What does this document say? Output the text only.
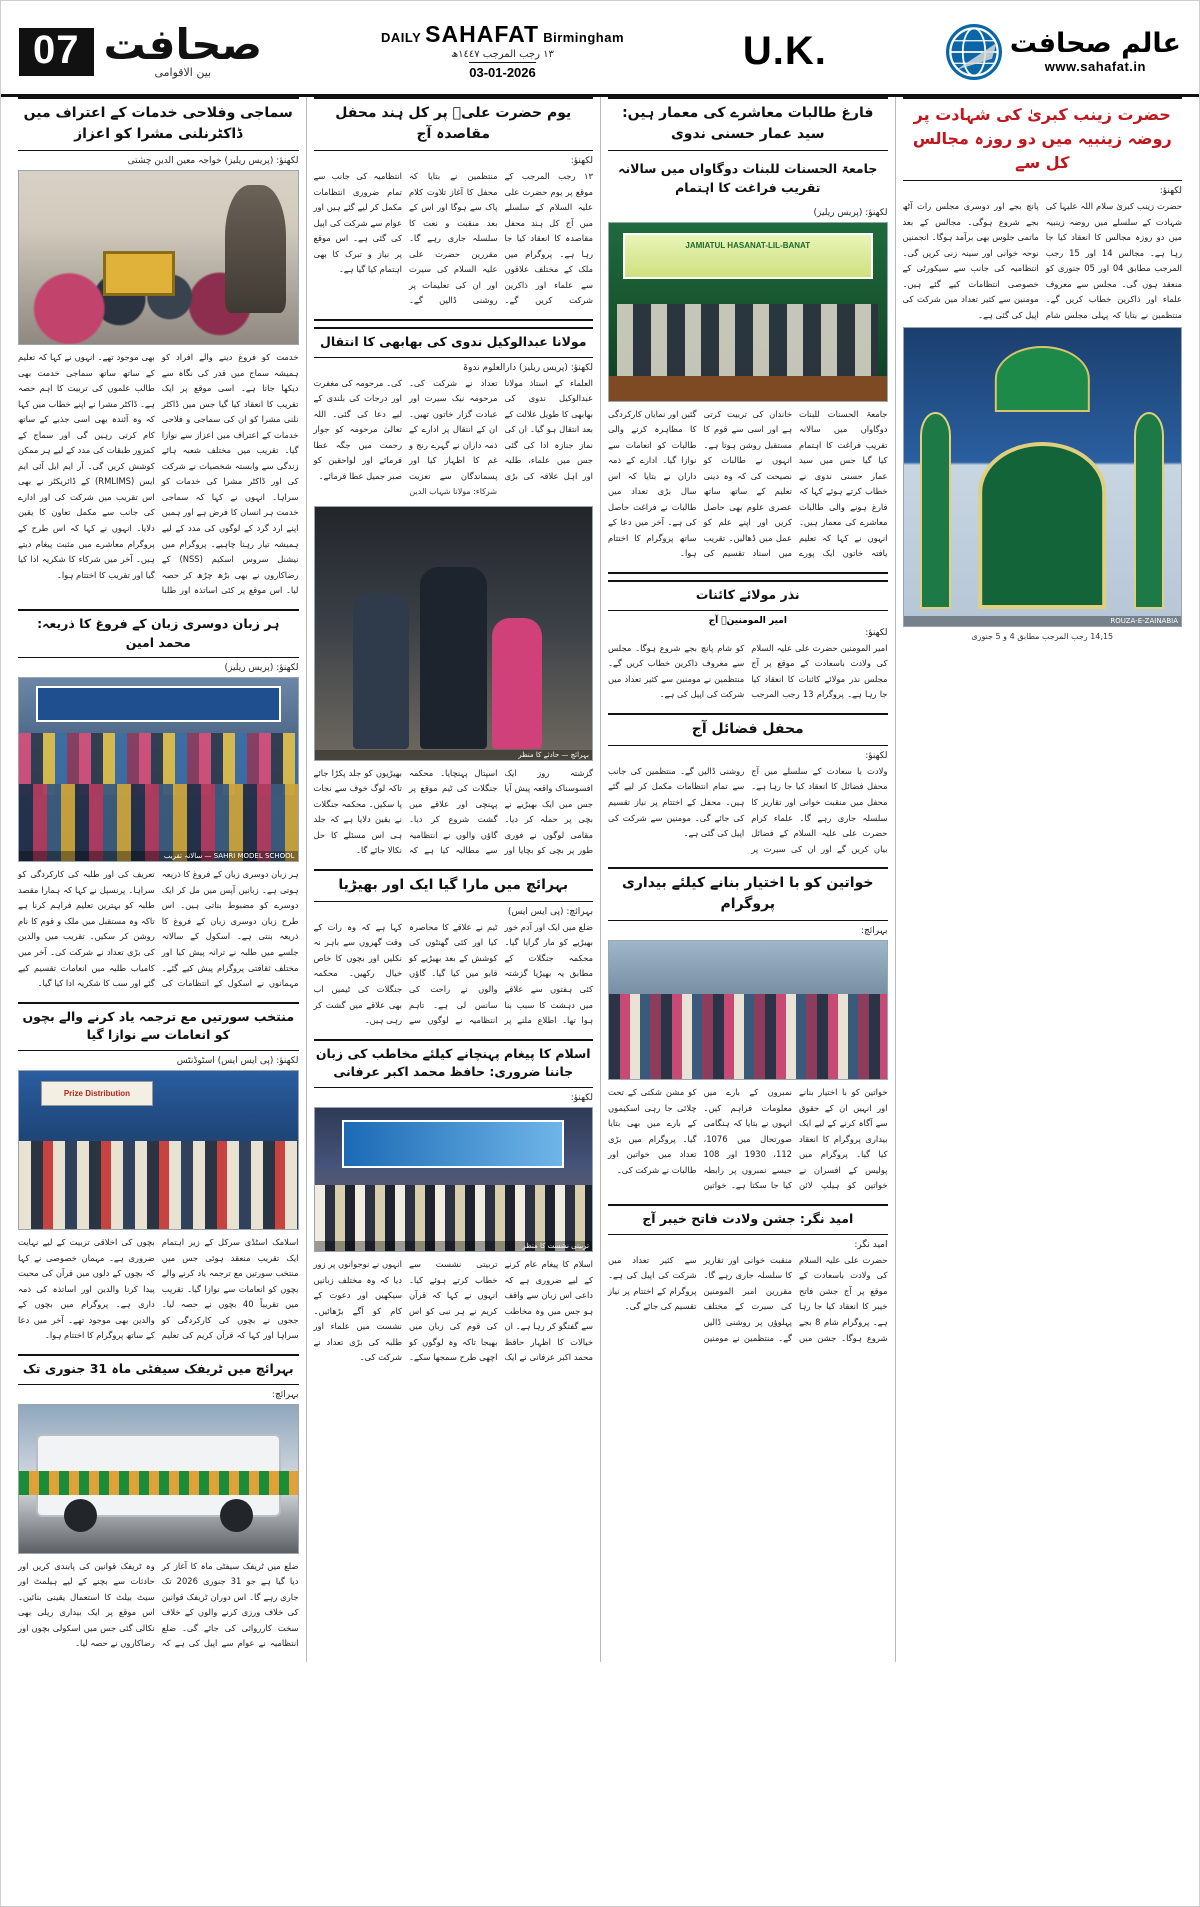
07 صحافت
بین الاقوامی
DAILY SAHAFAT Birmingham
١٣ رجب المرجب ١٤٤٧ھ
03-01-2026	U.K.	عالم صحافت
www.sahafat.in
سماجی وفلاحی خدمات کے اعتراف میں ڈاکٹرنلنی مشرا کو اعزاز
لکھنؤ: (پریس ریلیز) خواجہ معین الدین چشتی
خدمت کو فروغ دینے والے افراد کو ہمیشہ سماج میں قدر کی نگاہ سے دیکھا جاتا ہے۔ اسی موقع پر ایک تقریب کا انعقاد کیا گیا جس میں ڈاکٹر نلنی مشرا کو ان کی سماجی و فلاحی خدمات کے اعتراف میں اعزاز سے نوازا گیا۔ تقریب میں مختلف شعبہ ہائے زندگی سے وابستہ شخصیات نے شرکت کی اور ڈاکٹر مشرا کی خدمات کو سراہا۔ انہوں نے کہا کہ سماجی خدمت ہر انسان کا فرض ہے اور ہمیں اپنے ارد گرد کے لوگوں کی مدد کے لیے ہمیشہ تیار رہنا چاہیے۔ پروگرام میں نیشنل سروس اسکیم (NSS) کے رضاکاروں نے بھی بڑھ چڑھ کر حصہ لیا۔ اس موقع پر کئی اساتذہ اور طلبا بھی موجود تھے۔ انہوں نے کہا کہ تعلیم کے ساتھ ساتھ سماجی خدمت بھی طالب علموں کی تربیت کا اہم حصہ ہے۔ ڈاکٹر مشرا نے اپنے خطاب میں کہا کہ وہ آئندہ بھی اسی جذبے کے ساتھ کام کرتی رہیں گی اور سماج کے کمزور طبقات کی مدد کے لیے ہر ممکن کوشش کریں گی۔ آر ایم ایل آئی ایم ایس (RMLIMS) کے ڈائریکٹر نے بھی اس تقریب میں شرکت کی اور ادارے کی جانب سے مکمل تعاون کا یقین دلایا۔ انہوں نے کہا کہ اس طرح کے پروگرام معاشرے میں مثبت پیغام دیتے ہیں۔ آخر میں شرکاء کا شکریہ ادا کیا گیا اور تقریب کا اختتام ہوا۔
ہر زبان دوسری زبان کے فروغ کا ذریعہ: محمد امین
لکھنؤ: (پریس ریلیز)
SAHRI MODEL SCHOOL — سالانہ تقریب
ہر زبان دوسری زبان کے فروغ کا ذریعہ ہوتی ہے۔ زبانیں آپس میں مل کر ایک دوسرے کو مضبوط بناتی ہیں۔ اس طرح زبان دوسری زبان کے فروغ کا ذریعہ بنتی ہے۔ اسکول کے سالانہ جلسے میں طلبہ نے ترانہ پیش کیا اور مختلف ثقافتی پروگرام پیش کیے گئے۔ مہمانوں نے اسکول کے انتظامات کی تعریف کی اور طلبہ کی کارکردگی کو سراہا۔ پرنسپل نے کہا کہ ہمارا مقصد طلبہ کو بہترین تعلیم فراہم کرنا ہے تاکہ وہ مستقبل میں ملک و قوم کا نام روشن کر سکیں۔ تقریب میں والدین کی بڑی تعداد نے شرکت کی۔ آخر میں کامیاب طلبہ میں انعامات تقسیم کیے گئے اور سب کا شکریہ ادا کیا گیا۔
منتخب سورتیں مع ترجمہ یاد کرنے والے بچوں کو انعامات سے نوازا گیا
لکھنؤ: (پی ایس ایس) اسٹوڈنٹس
Prize Distribution
اسلامک اسٹڈی سرکل کے زیر اہتمام ایک تقریب منعقد ہوئی جس میں منتخب سورتیں مع ترجمہ یاد کرنے والے بچوں کو انعامات سے نوازا گیا۔ تقریب میں تقریباً 40 بچوں نے حصہ لیا۔ ججوں نے بچوں کی کارکردگی کو سراہا اور کہا کہ قرآن کریم کی تعلیم بچوں کی اخلاقی تربیت کے لیے نہایت ضروری ہے۔ مہمان خصوصی نے کہا کہ بچوں کے دلوں میں قرآن کی محبت پیدا کرنا والدین اور اساتذہ کی ذمہ داری ہے۔ پروگرام میں بچوں کے والدین بھی موجود تھے۔ آخر میں دعا کے ساتھ پروگرام کا اختتام ہوا۔
بہرائچ میں ٹریفک سیفٹی ماہ 31 جنوری تک
بہرائچ:
ضلع میں ٹریفک سیفٹی ماہ کا آغاز کر دیا گیا ہے جو 31 جنوری 2026 تک جاری رہے گا۔ اس دوران ٹریفک قوانین کی خلاف ورزی کرنے والوں کے خلاف سخت کارروائی کی جائے گی۔ ضلع انتظامیہ نے عوام سے اپیل کی ہے کہ وہ ٹریفک قوانین کی پابندی کریں اور حادثات سے بچنے کے لیے ہیلمٹ اور سیٹ بیلٹ کا استعمال یقینی بنائیں۔ اس موقع پر ایک بیداری ریلی بھی نکالی گئی جس میں اسکولی بچوں اور رضاکاروں نے حصہ لیا۔
یوم حضرت علیؑ پر کل ہند محفل مقاصدہ آج
لکھنؤ:
١٣ رجب المرجب کے موقع پر یوم حضرت علی علیہ السلام کے سلسلے میں آج کل ہند محفل مقاصدہ کا انعقاد کیا جا رہا ہے۔ پروگرام میں ملک کے مختلف علاقوں سے علماء اور ذاکرین شرکت کریں گے۔ منتظمین نے بتایا کہ محفل کا آغاز تلاوت کلام پاک سے ہوگا اور اس کے بعد منقبت و نعت کا سلسلہ جاری رہے گا۔ مقررین حضرت علی علیہ السلام کی سیرت اور ان کی تعلیمات پر روشنی ڈالیں گے۔ انتظامیہ کی جانب سے تمام ضروری انتظامات مکمل کر لیے گئے ہیں اور عوام سے شرکت کی اپیل کی گئی ہے۔ اس موقع پر نیاز و تبرک کا بھی اہتمام کیا گیا ہے۔
مولانا عبدالوکیل ندوی کی بھابھی کا انتقال
لکھنؤ: (پریس ریلیز) دارالعلوم ندوۃ
العلماء کے استاذ مولانا عبدالوکیل ندوی کی بھابھی کا طویل علالت کے بعد انتقال ہو گیا۔ ان کی نماز جنازہ ادا کی گئی جس میں علماء، طلبہ اور اہل علاقہ کی بڑی تعداد نے شرکت کی۔ مرحومہ نیک سیرت اور عبادت گزار خاتون تھیں۔ ان کے انتقال پر ادارے کے ذمہ داران نے گہرے رنج و غم کا اظہار کیا اور پسماندگان سے تعزیت کی۔ مرحومہ کی مغفرت اور درجات کی بلندی کے لیے دعا کی گئی۔ اللہ تعالیٰ مرحومہ کو جوار رحمت میں جگہ عطا فرمائے اور لواحقین کو صبر جمیل عطا فرمائے۔
شرکاء: مولانا شہاب الدین
بہرائچ — حادثے کا منظر
گزشتہ روز ایک افسوسناک واقعہ پیش آیا جس میں ایک بھیڑیے نے بچی پر حملہ کر دیا۔ مقامی لوگوں نے فوری طور پر بچی کو بچایا اور اسپتال پہنچایا۔ محکمہ جنگلات کی ٹیم موقع پر پہنچی اور علاقے میں گشت شروع کر دیا۔ گاؤں والوں نے انتظامیہ سے مطالبہ کیا ہے کہ بھیڑیوں کو جلد پکڑا جائے تاکہ لوگ خوف سے نجات پا سکیں۔ محکمہ جنگلات نے یقین دلایا ہے کہ جلد ہی اس مسئلے کا حل نکالا جائے گا۔
بہرائچ میں مارا گیا ایک اور بھیڑیا
بہرائچ: (پی ایس ایس)
ضلع میں ایک اور آدم خور بھیڑیے کو مار گرایا گیا۔ محکمہ جنگلات کے مطابق یہ بھیڑیا گزشتہ کئی ہفتوں سے علاقے میں دہشت کا سبب بنا ہوا تھا۔ اطلاع ملنے پر ٹیم نے علاقے کا محاصرہ کیا اور کئی گھنٹوں کی کوشش کے بعد بھیڑیے کو قابو میں کیا گیا۔ گاؤں والوں نے راحت کی سانس لی ہے۔ تاہم انتظامیہ نے لوگوں سے کہا ہے کہ وہ رات کے وقت گھروں سے باہر نہ نکلیں اور بچوں کا خاص خیال رکھیں۔ محکمہ جنگلات کی ٹیمیں اب بھی علاقے میں گشت کر رہی ہیں۔
اسلام کا پیغام پہنچانے کیلئے مخاطب کی زبان جاننا ضروری: حافظ محمد اکبر عرفانی
لکھنؤ:
تربیتی نشست کا منظر
اسلام کا پیغام عام کرنے کے لیے ضروری ہے کہ داعی اس زبان سے واقف ہو جس میں وہ مخاطب سے گفتگو کر رہا ہے۔ ان خیالات کا اظہار حافظ محمد اکبر عرفانی نے ایک تربیتی نشست سے خطاب کرتے ہوئے کیا۔ انہوں نے کہا کہ قرآن کریم نے ہر نبی کو اس کی قوم کی زبان میں بھیجا تاکہ وہ لوگوں کو اچھی طرح سمجھا سکے۔ انہوں نے نوجوانوں پر زور دیا کہ وہ مختلف زبانیں سیکھیں اور دعوت کے کام کو آگے بڑھائیں۔ نشست میں علماء اور طلبہ کی بڑی تعداد نے شرکت کی۔
فارغ طالبات معاشرے کی معمار ہیں: سید عمار حسنی ندوی
جامعۃ الحسنات للبنات دوگاواں میں سالانہ تقریب فراغت کا اہتمام
لکھنؤ: (پریس ریلیز)
JAMIATUL HASANAT-LIL-BANAT
جامعۃ الحسنات للبنات دوگاواں میں سالانہ تقریب فراغت کا اہتمام کیا گیا جس میں سید عمار حسنی ندوی نے خطاب کرتے ہوئے کہا کہ فارغ ہونے والی طالبات معاشرے کی معمار ہیں۔ انہوں نے کہا کہ تعلیم یافتہ خاتون ایک پورے خاندان کی تربیت کرتی ہے اور اسی سے قوم کا مستقبل روشن ہوتا ہے۔ انہوں نے طالبات کو نصیحت کی کہ وہ دینی تعلیم کے ساتھ ساتھ عصری علوم بھی حاصل کریں اور اپنے علم کو عمل میں ڈھالیں۔ تقریب میں اسناد تقسیم کی گئیں اور نمایاں کارکردگی کا مظاہرہ کرنے والی طالبات کو انعامات سے نوازا گیا۔ ادارے کے ذمہ داران نے بتایا کہ اس سال بڑی تعداد میں طالبات نے فراغت حاصل کی ہے۔ آخر میں دعا کے ساتھ پروگرام کا اختتام ہوا۔
نذر مولائے کائنات
امیر المومنینؑ آج
لکھنؤ:
امیر المومنین حضرت علی علیہ السلام کی ولادت باسعادت کے موقع پر آج مجلس نذر مولائے کائنات کا انعقاد کیا جا رہا ہے۔ پروگرام 13 رجب المرجب کو شام پانچ بجے شروع ہوگا۔ مجلس سے معروف ذاکرین خطاب کریں گے۔ منتظمین نے مومنین سے کثیر تعداد میں شرکت کی اپیل کی ہے۔
محفل فضائل آج
لکھنؤ:
ولادت با سعادت کے سلسلے میں آج محفل فضائل کا انعقاد کیا جا رہا ہے۔ محفل میں منقبت خوانی اور تقاریر کا سلسلہ جاری رہے گا۔ علماء کرام حضرت علی علیہ السلام کے فضائل بیان کریں گے اور ان کی سیرت پر روشنی ڈالیں گے۔ منتظمین کی جانب سے تمام انتظامات مکمل کر لیے گئے ہیں۔ محفل کے اختتام پر نیاز تقسیم کی جائے گی۔ مومنین سے شرکت کی اپیل کی گئی ہے۔
خواتین کو با اختیار بنانے کیلئے بیداری پروگرام
بہرائچ:
خواتین کو با اختیار بنانے اور انہیں ان کے حقوق سے آگاہ کرنے کے لیے ایک بیداری پروگرام کا انعقاد کیا گیا۔ پروگرام میں پولیس کے افسران نے خواتین کو ہیلپ لائن نمبروں کے بارے میں معلومات فراہم کیں۔ انہوں نے بتایا کہ ہنگامی صورتحال میں 1076، 112، 1930 اور 108 جیسے نمبروں پر رابطہ کیا جا سکتا ہے۔ خواتین کو مشن شکتی کے تحت چلائی جا رہی اسکیموں کے بارے میں بھی بتایا گیا۔ پروگرام میں بڑی تعداد میں خواتین اور طالبات نے شرکت کی۔
امید نگر: جشن ولادت فاتح خیبر آج
امید نگر:
حضرت علی علیہ السلام کی ولادت باسعادت کے موقع پر آج جشن فاتح خیبر کا انعقاد کیا جا رہا ہے۔ پروگرام شام 8 بجے شروع ہوگا۔ جشن میں منقبت خوانی اور تقاریر کا سلسلہ جاری رہے گا۔ مقررین امیر المومنین کی سیرت کے مختلف پہلوؤں پر روشنی ڈالیں گے۔ منتظمین نے مومنین سے کثیر تعداد میں شرکت کی اپیل کی ہے۔ پروگرام کے اختتام پر نیاز تقسیم کی جائے گی۔
حضرت زینب کبریٰ کی شہادت پر روضہ زینبیہ میں دو روزہ مجالس کل سے
لکھنؤ:
حضرت زینب کبریٰ سلام اللہ علیہا کی شہادت کے سلسلے میں روضہ زینبیہ میں دو روزہ مجالس کا انعقاد کیا جا رہا ہے۔ مجالس 14 اور 15 رجب المرجب مطابق 04 اور 05 جنوری کو منعقد ہوں گی۔ مجلس سے معروف علماء اور ذاکرین خطاب کریں گے۔ منتظمین نے بتایا کہ پہلی مجلس شام پانچ بجے اور دوسری مجلس رات آٹھ بجے شروع ہوگی۔ مجالس کے بعد ماتمی جلوس بھی برآمد ہوگا۔ انجمنیں نوحہ خوانی اور سینہ زنی کریں گی۔ انتظامیہ کی جانب سے سیکورٹی کے خصوصی انتظامات کیے گئے ہیں۔ مومنین سے کثیر تعداد میں شرکت کی اپیل کی گئی ہے۔
ROUZA-E-ZAINABIA
14,15 رجب المرجب مطابق 4 و 5 جنوری
